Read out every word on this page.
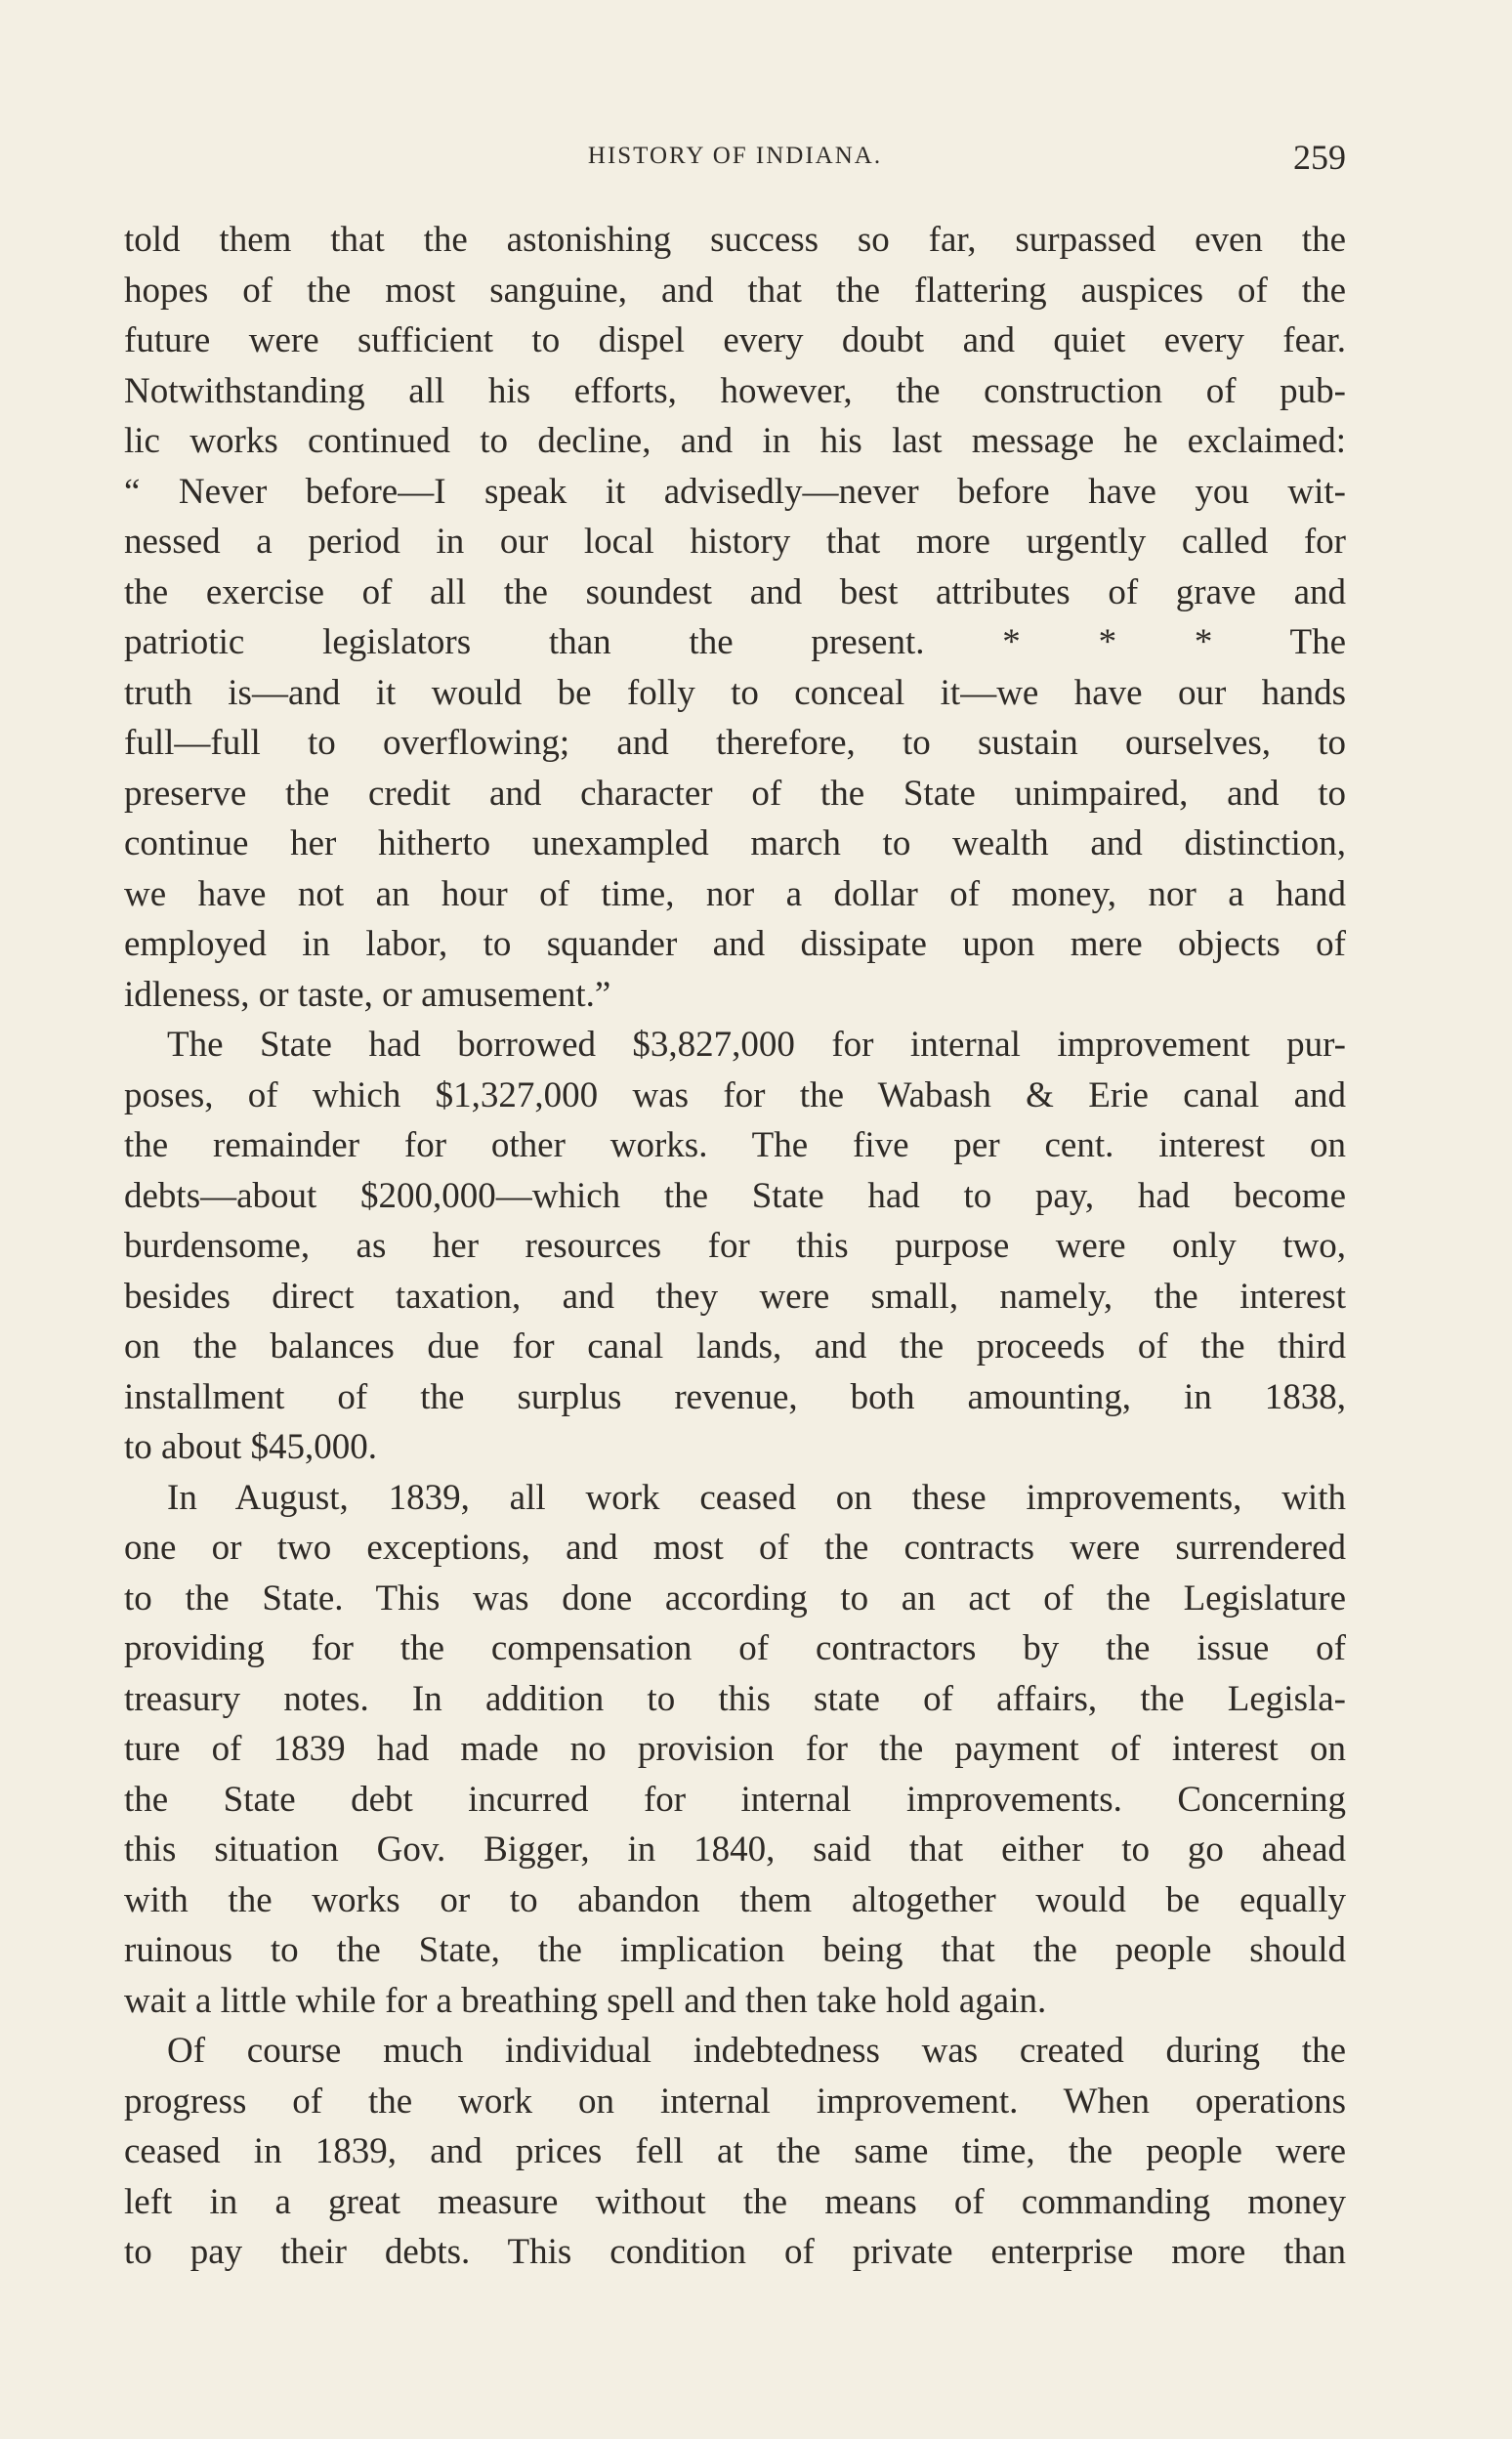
HISTORY OF INDIANA.	259
told them that the astonishing success so far, surpassed even the
hopes of the most sanguine, and that the flattering auspices of the
future were sufficient to dispel every doubt and quiet every fear.
Notwithstanding all his efforts, however, the construction of pub-
lic works continued to decline, and in his last message he exclaimed:
“ Never before—I speak it advisedly—never before have you wit-
nessed a period in our local history that more urgently called for
the exercise of all the soundest and best attributes of grave and
patriotic legislators than the present. * * * The
truth is—and it would be folly to conceal it—we have our hands
full—full to overflowing; and therefore, to sustain ourselves, to
preserve the credit and character of the State unimpaired, and to
continue her hitherto unexampled march to wealth and distinction,
we have not an hour of time, nor a dollar of money, nor a hand
employed in labor, to squander and dissipate upon mere objects of
idleness, or taste, or amusement.”
The State had borrowed $3,827,000 for internal improvement pur-
poses, of which $1,327,000 was for the Wabash & Erie canal and
the remainder for other works. The five per cent. interest on
debts—about $200,000—which the State had to pay, had become
burdensome, as her resources for this purpose were only two,
besides direct taxation, and they were small, namely, the interest
on the balances due for canal lands, and the proceeds of the third
installment of the surplus revenue, both amounting, in 1838,
to about $45,000.
In August, 1839, all work ceased on these improvements, with
one or two exceptions, and most of the contracts were surrendered
to the State. This was done according to an act of the Legislature
providing for the compensation of contractors by the issue of
treasury notes. In addition to this state of affairs, the Legisla-
ture of 1839 had made no provision for the payment of interest on
the State debt incurred for internal improvements. Concerning
this situation Gov. Bigger, in 1840, said that either to go ahead
with the works or to abandon them altogether would be equally
ruinous to the State, the implication being that the people should
wait a little while for a breathing spell and then take hold again.
Of course much individual indebtedness was created during the
progress of the work on internal improvement. When operations
ceased in 1839, and prices fell at the same time, the people were
left in a great measure without the means of commanding money
to pay their debts. This condition of private enterprise more than
